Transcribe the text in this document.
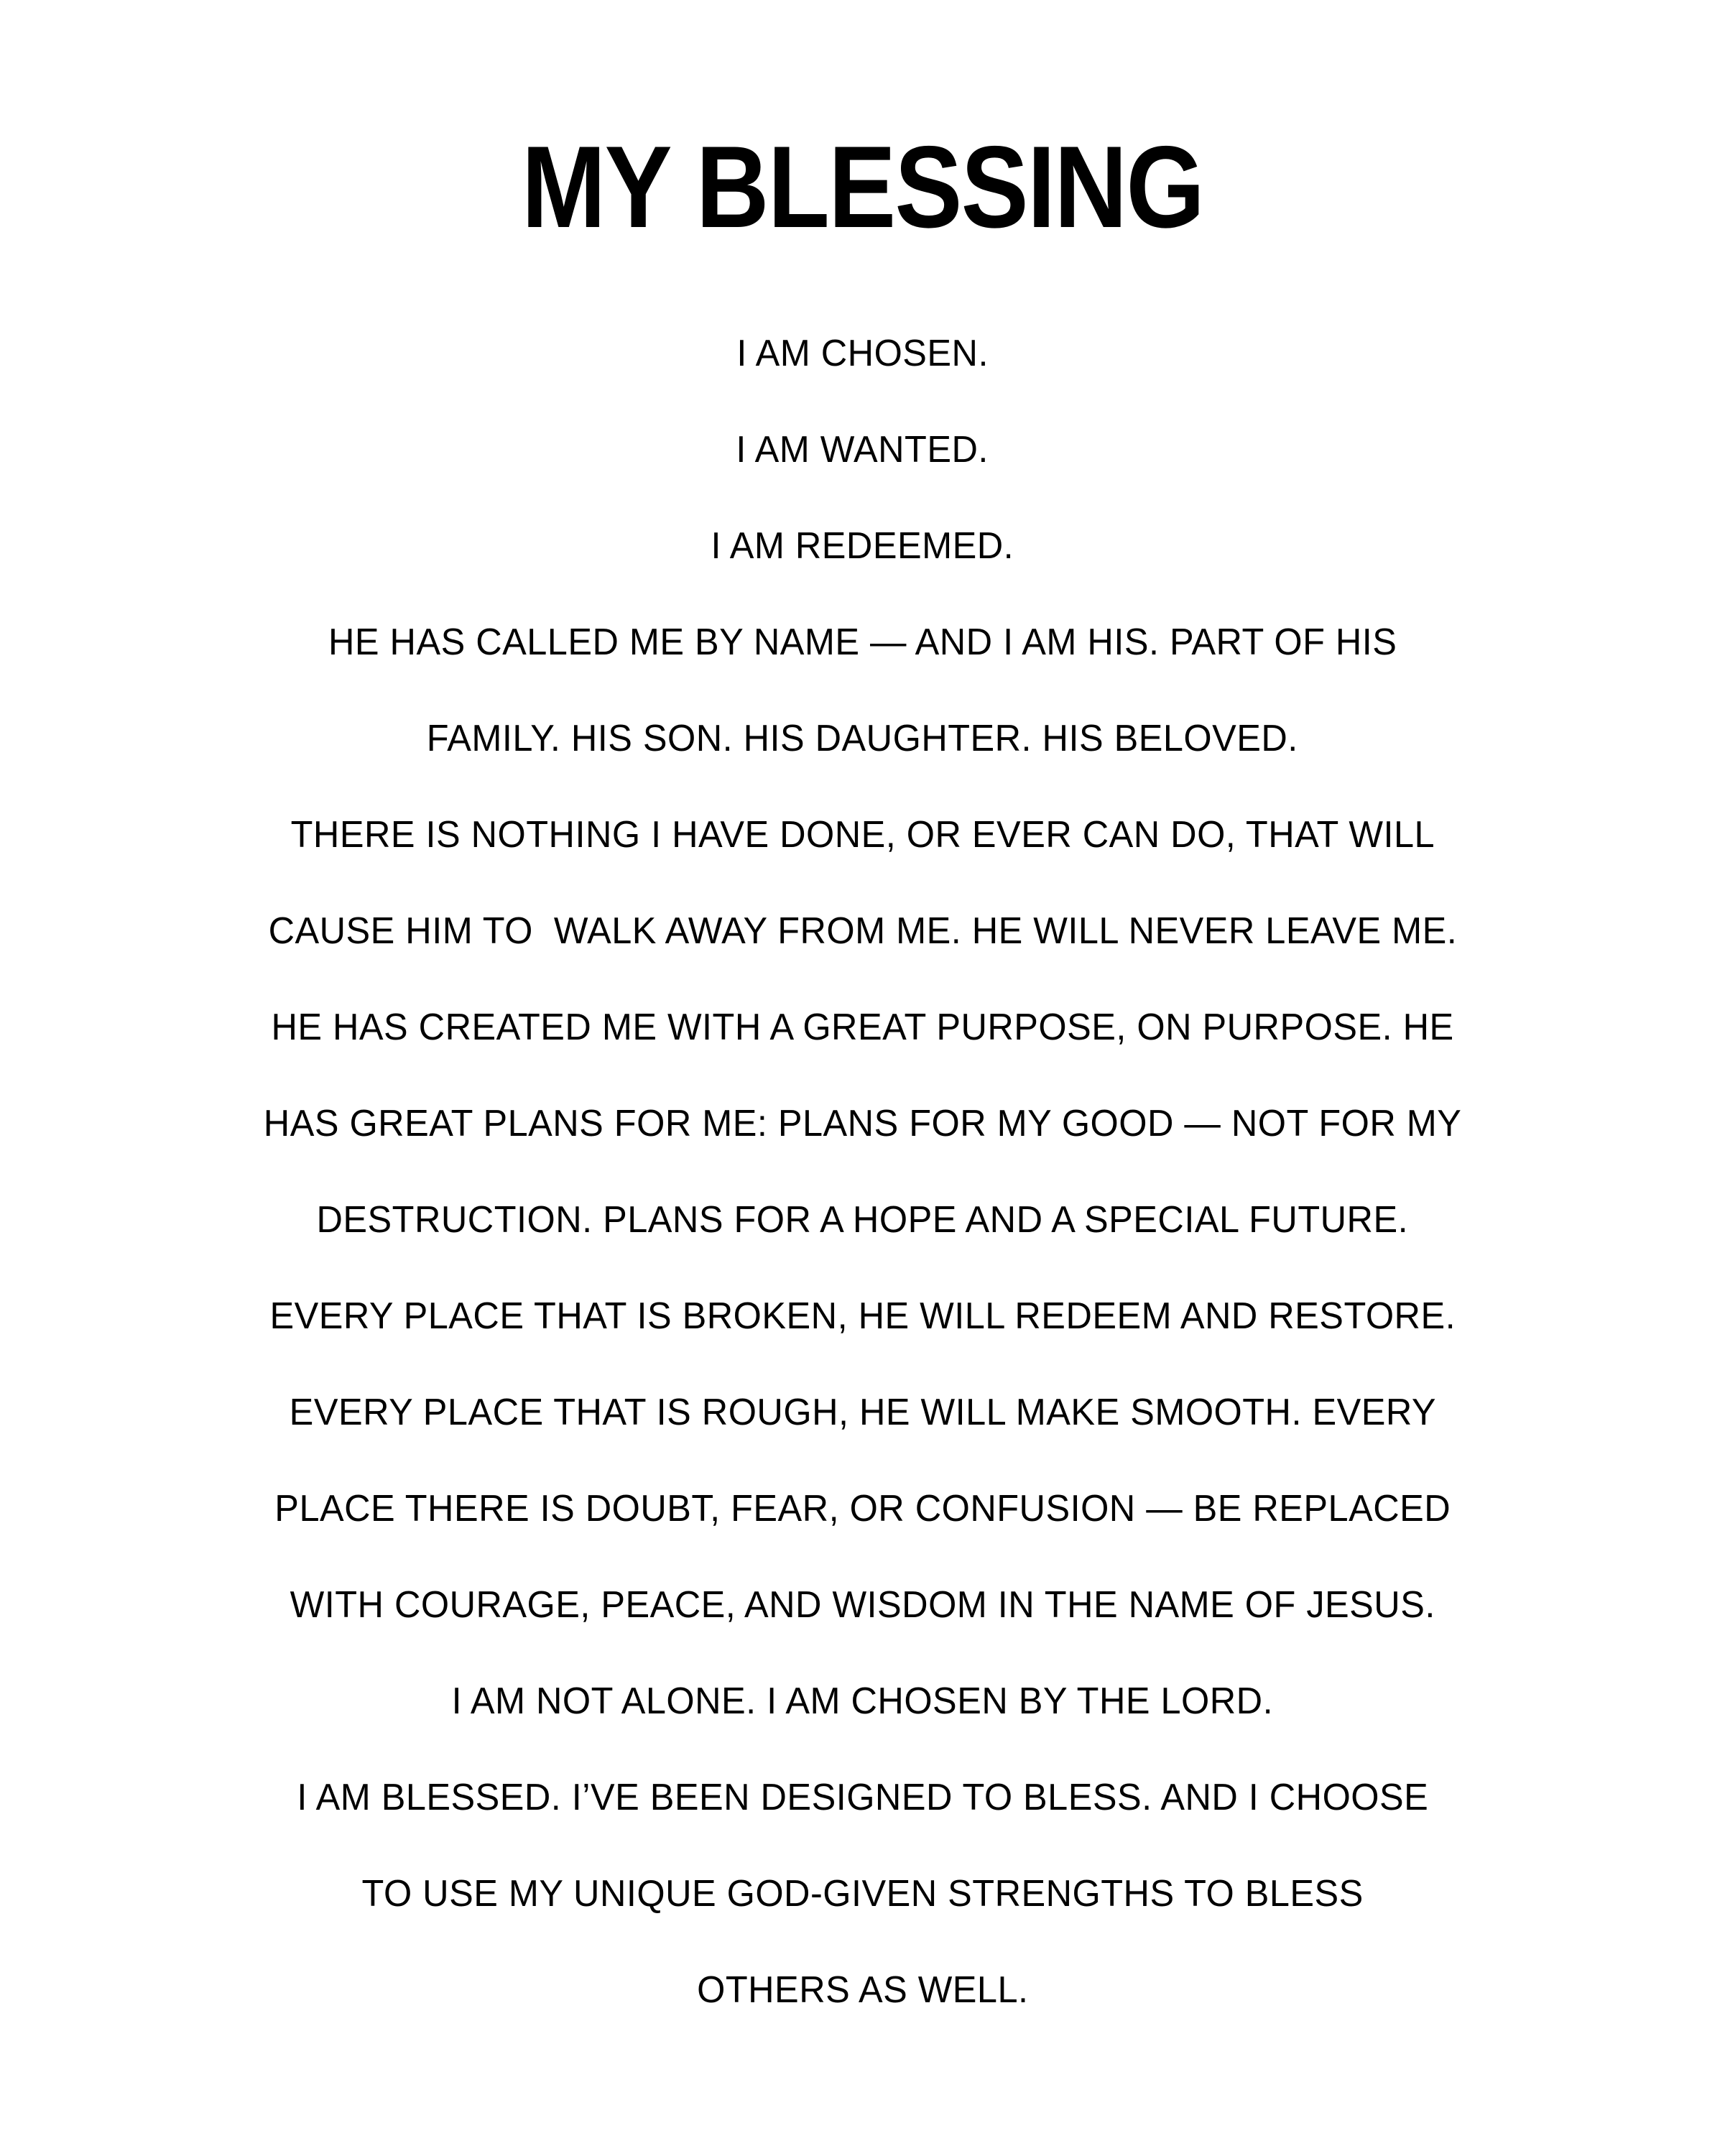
MY BLESSING
I AM CHOSEN.
I AM WANTED.
I AM REDEEMED.
HE HAS CALLED ME BY NAME — AND I AM HIS. PART OF HIS
FAMILY. HIS SON. HIS DAUGHTER. HIS BELOVED.
THERE IS NOTHING I HAVE DONE, OR EVER CAN DO, THAT WILL
CAUSE HIM TO  WALK AWAY FROM ME. HE WILL NEVER LEAVE ME.
HE HAS CREATED ME WITH A GREAT PURPOSE, ON PURPOSE. HE
HAS GREAT PLANS FOR ME: PLANS FOR MY GOOD — NOT FOR MY
DESTRUCTION. PLANS FOR A HOPE AND A SPECIAL FUTURE.
EVERY PLACE THAT IS BROKEN, HE WILL REDEEM AND RESTORE.
EVERY PLACE THAT IS ROUGH, HE WILL MAKE SMOOTH. EVERY
PLACE THERE IS DOUBT, FEAR, OR CONFUSION — BE REPLACED
WITH COURAGE, PEACE, AND WISDOM IN THE NAME OF JESUS.
I AM NOT ALONE. I AM CHOSEN BY THE LORD.
I AM BLESSED. I’VE BEEN DESIGNED TO BLESS. AND I CHOOSE
TO USE MY UNIQUE GOD-GIVEN STRENGTHS TO BLESS
OTHERS AS WELL.
